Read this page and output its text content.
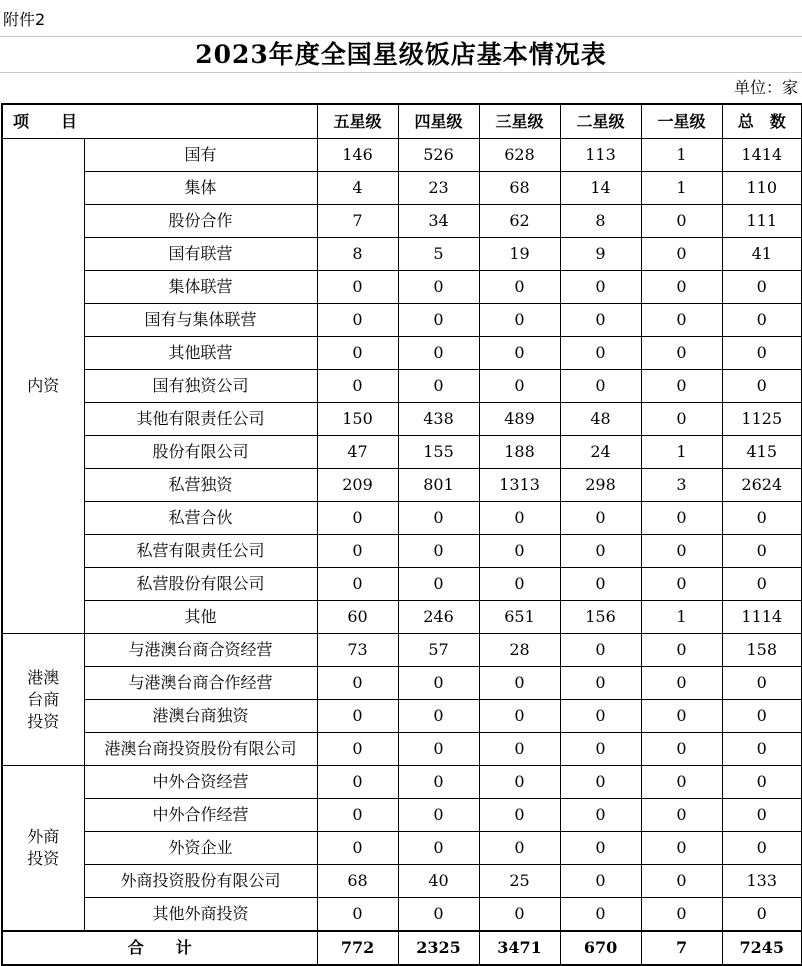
附件2
2023年度全国星级饭店基本情况表
单位：家
项　　目		五星级	四星级	三星级	二星级	一星级	总　数
内资	国有	146	526	628	113	1	1414
	集体	4	23	68	14	1	110
	股份合作	7	34	62	8	0	111
	国有联营	8	5	19	9	0	41
	集体联营	0	0	0	0	0	0
	国有与集体联营	0	0	0	0	0	0
	其他联营	0	0	0	0	0	0
	国有独资公司	0	0	0	0	0	0
	其他有限责任公司	150	438	489	48	0	1125
	股份有限公司	47	155	188	24	1	415
	私营独资	209	801	1313	298	3	2624
	私营合伙	0	0	0	0	0	0
	私营有限责任公司	0	0	0	0	0	0
	私营股份有限公司	0	0	0	0	0	0
	其他	60	246	651	156	1	1114
港澳台商投资	与港澳台商合资经营	73	57	28	0	0	158
	与港澳台商合作经营	0	0	0	0	0	0
	港澳台商独资	0	0	0	0	0	0
	港澳台商投资股份有限公司	0	0	0	0	0	0
外商投资	中外合资经营	0	0	0	0	0	0
	中外合作经营	0	0	0	0	0	0
	外资企业	0	0	0	0	0	0
	外商投资股份有限公司	68	40	25	0	0	133
	其他外商投资	0	0	0	0	0	0
合　　计		772	2325	3471	670	7	7245
